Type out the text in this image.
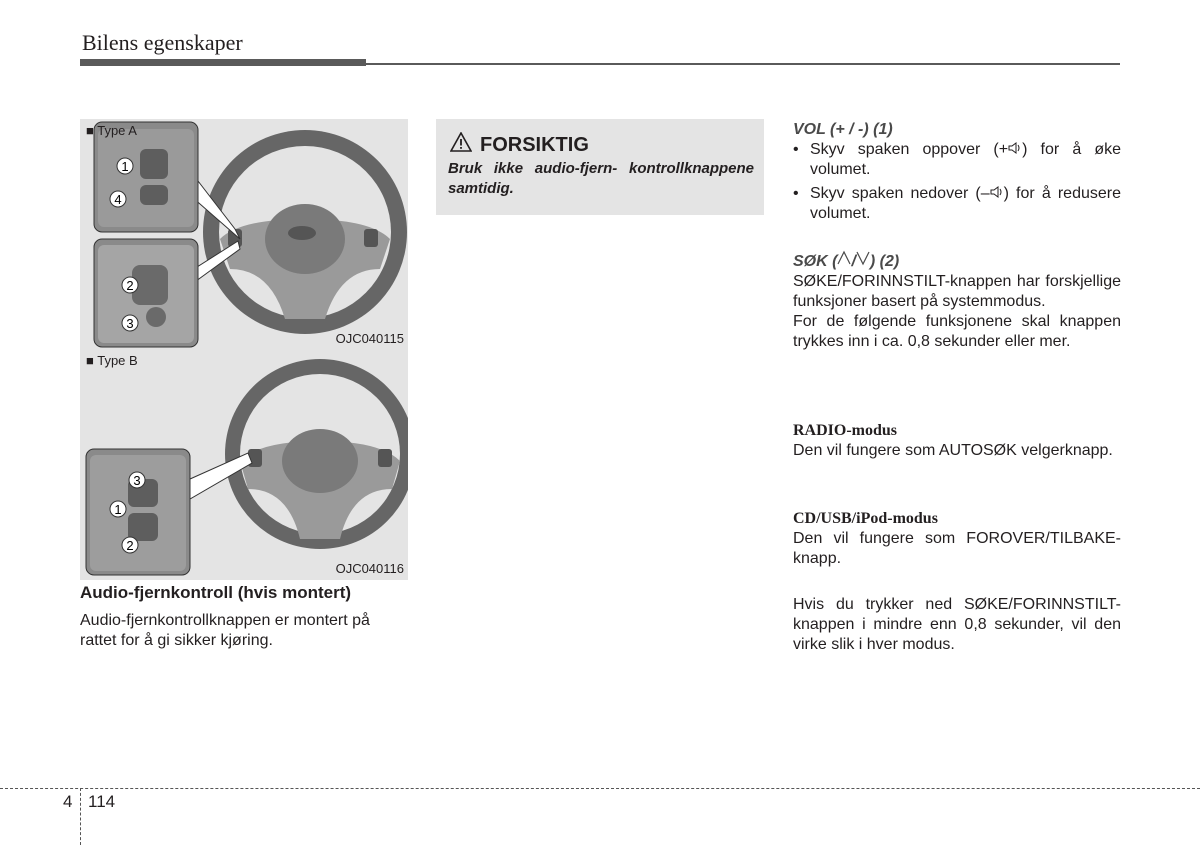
Bilens egenskaper
1
4
2
3
■ Type A
OJC040115
3
1
2
■ Type B
OJC040116
Audio-fjernkontroll (hvis montert)
Audio-fjernkontrollknappen er montert på rattet for å gi sikker kjøring.
FORSIKTIG
Bruk ikke audio-fjern- kontrollknappene samtidig.
VOL (+ / -) (1)
• Skyv spaken oppover (+ ) for å øke volumet.
• Skyv spaken nedover (– ) for å redusere volumet.
SØK ( / ) (2)
SØKE/FORINNSTILT-knappen har forskjellige funksjoner basert på systemmodus.
For de følgende funksjonene skal knappen trykkes inn i ca. 0,8 sekunder eller mer.
RADIO-modus
Den vil fungere som AUTOSØK velgerknapp.
CD/USB/iPod-modus
Den vil fungere som FOROVER/TILBAKE-knapp.
Hvis du trykker ned SØKE/FORINNSTILT-knappen i mindre enn 0,8 sekunder, vil den virke slik i hver modus.
4 114
